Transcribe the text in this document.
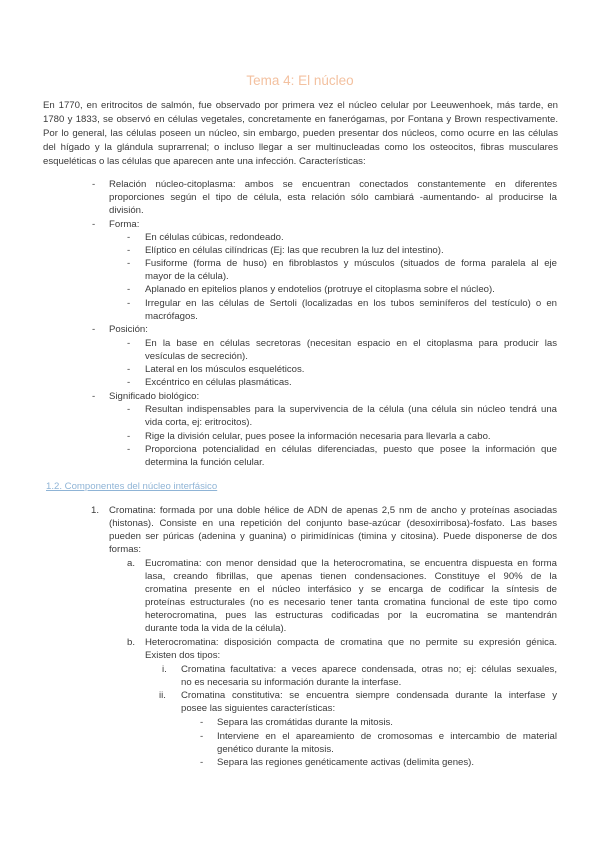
Tema 4: El núcleo
En 1770, en eritrocitos de salmón, fue observado por primera vez el núcleo celular por Leeuwenhoek, más tarde, en 1780 y 1833, se observó en células vegetales, concretamente en fanerógamas, por Fontana y Brown respectivamente. Por lo general, las células poseen un núcleo, sin embargo, pueden presentar dos núcleos, como ocurre en las células del hígado y la glándula suprarrenal; o incluso llegar a ser multinucleadas como los osteocitos, fibras musculares esqueléticas o las células que aparecen ante una infección. Características:
- Relación núcleo-citoplasma: ambos se encuentran conectados constantemente en diferentes
proporciones según el tipo de célula, esta relación sólo cambiará -aumentando- al producirse la
división.
- Forma:
- En células cúbicas, redondeado.
- Elíptico en células cilíndricas (Ej: las que recubren la luz del intestino).
- Fusiforme (forma de huso) en fibroblastos y músculos (situados de forma paralela al eje
mayor de la célula).
- Aplanado en epitelios planos y endotelios (protruye el citoplasma sobre el núcleo).
- Irregular en las células de Sertoli (localizadas en los tubos seminíferos del testículo) o en
macrófagos.
- Posición:
- En la base en células secretoras (necesitan espacio en el citoplasma para producir las
vesículas de secreción).
- Lateral en los músculos esqueléticos.
- Excéntrico en células plasmáticas.
- Significado biológico:
- Resultan indispensables para la supervivencia de la célula (una célula sin núcleo tendrá una
vida corta, ej: eritrocitos).
- Rige la división celular, pues posee la información necesaria para llevarla a cabo.
- Proporciona potencialidad en células diferenciadas, puesto que posee la información que
determina la función celular.
1.2. Componentes del núcleo interfásico
1. Cromatina: formada por una doble hélice de ADN de apenas 2,5 nm de ancho y proteínas asociadas
(histonas). Consiste en una repetición del conjunto base-azúcar (desoxirribosa)-fosfato. Las bases
pueden ser púricas (adenina y guanina) o pirimidínicas (timina y citosina). Puede disponerse de dos
formas:
a. Eucromatina: con menor densidad que la heterocromatina, se encuentra dispuesta en forma
lasa, creando fibrillas, que apenas tienen condensaciones. Constituye el 90% de la
cromatina presente en el núcleo interfásico y se encarga de codificar la síntesis de
proteínas estructurales (no es necesario tener tanta cromatina funcional de este tipo como
heterocromatina, pues las estructuras codificadas por la eucromatina se mantendrán
durante toda la vida de la célula).
b. Heterocromatina: disposición compacta de cromatina que no permite su expresión génica.
Existen dos tipos:
i. Cromatina facultativa: a veces aparece condensada, otras no; ej: células sexuales,
no es necesaria su información durante la interfase.
ii. Cromatina constitutiva: se encuentra siempre condensada durante la interfase y
posee las siguientes características:
- Separa las cromátidas durante la mitosis.
- Interviene en el apareamiento de cromosomas e intercambio de material
genético durante la mitosis.
- Separa las regiones genéticamente activas (delimita genes).
